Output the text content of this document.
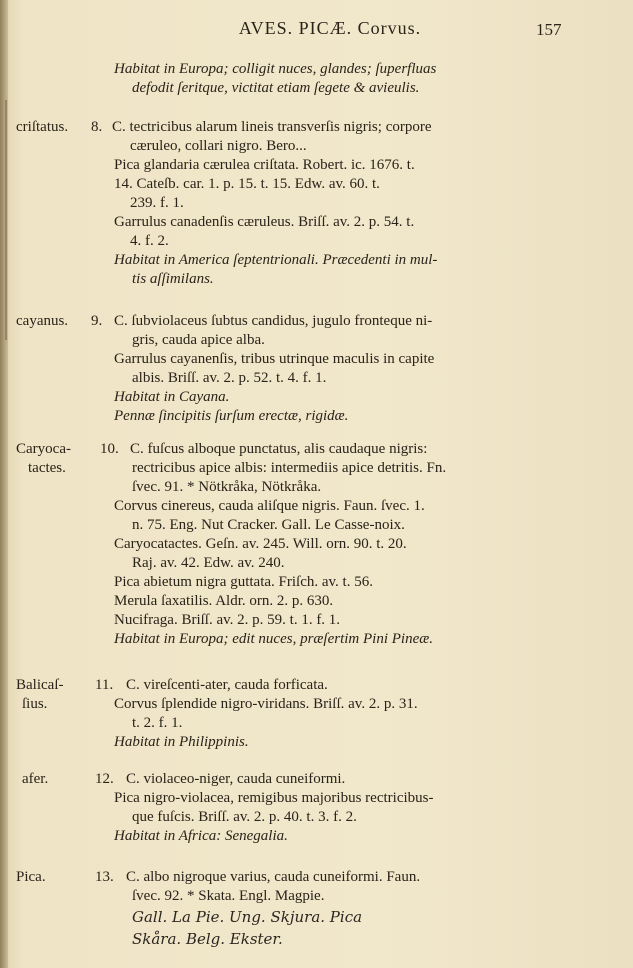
AVES. PICÆ. Corvus.	157
Habitat in Europa; colligit nuces, glandes; ſuperfluas
defodit ſeritque, victitat etiam ſegete & avieulis.
criſtatus. 8. C. tectricibus alarum lineis transverſis nigris; corpore
cæruleo, collari nigro. Bero...
Pica glandaria cærulea criſtata. Robert. ic. 1676. t.
14. Cateſb. car. 1. p. 15. t. 15. Edw. av. 60. t.
239. f. 1.
Garrulus canadenſis cæruleus. Briſſ. av. 2. p. 54. t.
4. f. 2.
Habitat in America ſeptentrionali. Præcedenti in mul-
tis aſſimilans.
cayanus. 9. C. ſubviolaceus ſubtus candidus, jugulo fronteque ni-
gris, cauda apice alba.
Garrulus cayanenſis, tribus utrinque maculis in capite
albis. Briſſ. av. 2. p. 52. t. 4. f. 1.
Habitat in Cayana.
Pennæ ſincipitis ſurſum erectæ, rigidæ.
Caryoca-
tactes.
10. C. fuſcus alboque punctatus, alis caudaque nigris:
rectricibus apice albis: intermediis apice detritis. Fn.
ſvec. 91. * Nötkråka, Nötkråka.
Corvus cinereus, cauda aliſque nigris. Faun. ſvec. 1.
n. 75. Eng. Nut Cracker. Gall. Le Casse-noix.
Caryocatactes. Geſn. av. 245. Will. orn. 90. t. 20.
Raj. av. 42. Edw. av. 240.
Pica abietum nigra guttata. Friſch. av. t. 56.
Merula ſaxatilis. Aldr. orn. 2. p. 630.
Nucifraga. Briſſ. av. 2. p. 59. t. 1. f. 1.
Habitat in Europa; edit nuces, præſertim Pini Pineæ.
Balicaſ-
ſius.
11. C. vireſcenti-ater, cauda forficata.
Corvus ſplendide nigro-viridans. Briſſ. av. 2. p. 31.
t. 2. f. 1.
Habitat in Philippinis.
afer.	12. C. violaceo-niger, cauda cuneiformi.
Pica nigro-violacea, remigibus majoribus rectricibus-
que fuſcis. Briſſ. av. 2. p. 40. t. 3. f. 2.
Habitat in Africa: Senegalia.
Pica.	13. C. albo nigroque varius, cauda cuneiformi. Faun.
ſvec. 92. * Skata. Engl. Magpie.
Gall. La Pie. Ung. Skjura. Pica
Skåra. Belg. Ekster.
